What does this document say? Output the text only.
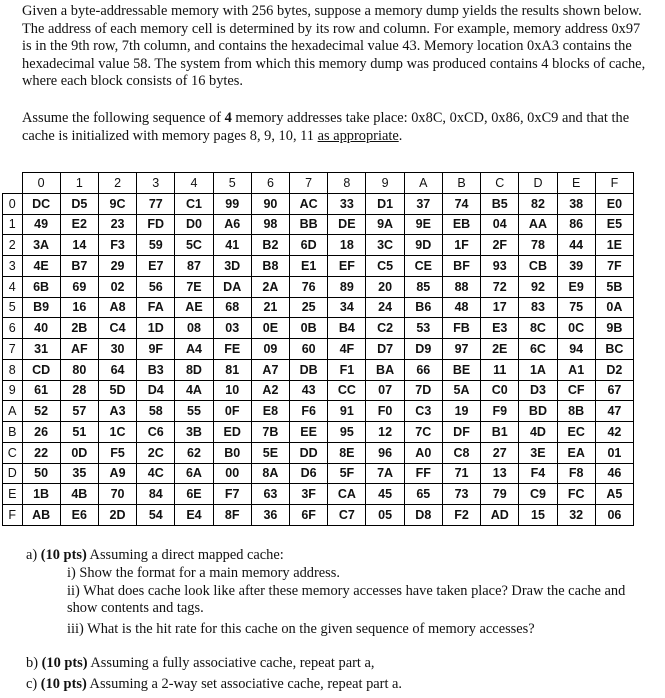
Given a byte-addressable memory with 256 bytes, suppose a memory dump yields the results shown below. The address of each memory cell is determined by its row and column. For example, memory address 0x97 is in the 9th row, 7th column, and contains the hexadecimal value 43. Memory location 0xA3 contains the hexadecimal value 58. The system from which this memory dump was produced contains 4 blocks of cache, where each block consists of 16 bytes.

Assume the following sequence of 4 memory addresses take place: 0x8C, 0xCD, 0x86, 0xC9 and that the cache is initialized with memory pages 8, 9, 10, 11 as appropriate.

	0	1	2	3	4	5	6	7	8	9	A	B	C	D	E	F
0	DC	D5	9C	77	C1	99	90	AC	33	D1	37	74	B5	82	38	E0
1	49	E2	23	FD	D0	A6	98	BB	DE	9A	9E	EB	04	AA	86	E5
2	3A	14	F3	59	5C	41	B2	6D	18	3C	9D	1F	2F	78	44	1E
3	4E	B7	29	E7	87	3D	B8	E1	EF	C5	CE	BF	93	CB	39	7F
4	6B	69	02	56	7E	DA	2A	76	89	20	85	88	72	92	E9	5B
5	B9	16	A8	FA	AE	68	21	25	34	24	B6	48	17	83	75	0A
6	40	2B	C4	1D	08	03	0E	0B	B4	C2	53	FB	E3	8C	0C	9B
7	31	AF	30	9F	A4	FE	09	60	4F	D7	D9	97	2E	6C	94	BC
8	CD	80	64	B3	8D	81	A7	DB	F1	BA	66	BE	11	1A	A1	D2
9	61	28	5D	D4	4A	10	A2	43	CC	07	7D	5A	C0	D3	CF	67
A	52	57	A3	58	55	0F	E8	F6	91	F0	C3	19	F9	BD	8B	47
B	26	51	1C	C6	3B	ED	7B	EE	95	12	7C	DF	B1	4D	EC	42
C	22	0D	F5	2C	62	B0	5E	DD	8E	96	A0	C8	27	3E	EA	01
D	50	35	A9	4C	6A	00	8A	D6	5F	7A	FF	71	13	F4	F8	46
E	1B	4B	70	84	6E	F7	63	3F	CA	45	65	73	79	C9	FC	A5
F	AB	E6	2D	54	E4	8F	36	6F	C7	05	D8	F2	AD	15	32	06
a) (10 pts) Assuming a direct mapped cache:
i) Show the format for a main memory address.
ii) What does cache look like after these memory accesses have taken place? Draw the cache and show contents and tags.
iii) What is the hit rate for this cache on the given sequence of memory accesses?
b) (10 pts) Assuming a fully associative cache, repeat part a,
c) (10 pts) Assuming a 2-way set associative cache, repeat part a.
